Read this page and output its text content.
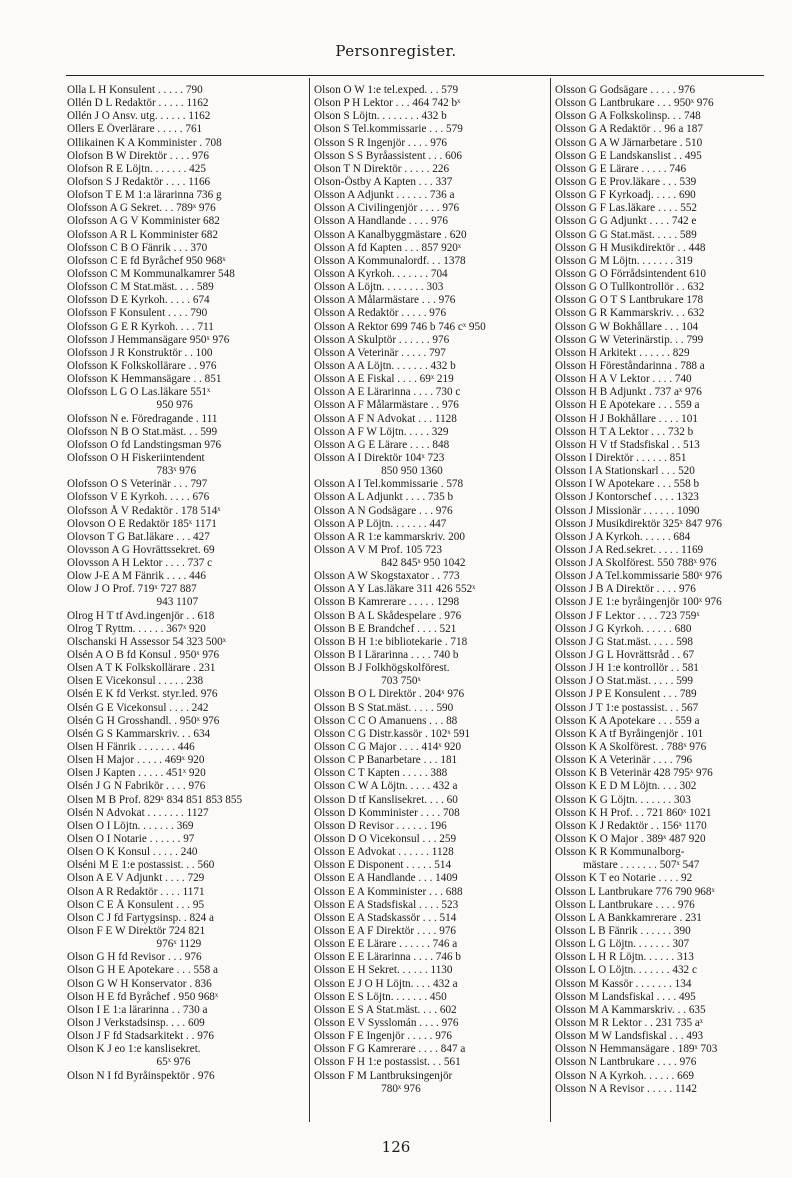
Personregister.
Olla L H Konsulent . . . . . 790
Ollén D L Redaktör . . . . . 1162
Ollén J O Ansv. utg. . . . . . 1162
Ollers E Överlärare . . . . . 761
Ollikainen K A Komminister . 708
Olofson B W Direktör . . . . 976
Olofson R E Löjtn. . . . . . . 425
Olofson S J Redaktör . . . . 1166
Olofson T E M 1:a lärarinna 736 g
Olofsson A G Sekret. . . 789ˣ 976
Olofsson A G V Komminister 682
Olofsson A R L Komminister 682
Olofsson C B O Fänrik . . . 370
Olofsson C E fd Byråchef 950 968ˣ
Olofsson C M Kommunalkamrer 548
Olofsson C M Stat.mäst. . . . 589
Olofsson D E Kyrkoh. . . . . 674
Olofsson F Konsulent . . . . 790
Olofsson G E R Kyrkoh. . . . 711
Olofsson J Hemmansägare 950ˣ 976
Olofsson J R Konstruktör . . 100
Olofsson K Folkskollärare . . 976
Olofsson K Hemmansägare . . 851
Olofsson L G O Las.läkare 551ˣ
950 976
Olofsson N e. Föredragande . 111
Olofsson N B O Stat.mäst. . . 599
Olofsson O fd Landstingsman 976
Olofsson O H Fiskeriintendent
783ˣ 976
Olofsson O S Veterinär . . . 797
Olofsson V E Kyrkoh. . . . . 676
Olofsson Å V Redaktör . 178 514ˣ
Olovson O E Redaktör 185ˣ 1171
Olovson T G Bat.läkare . . . 427
Olovsson A G Hovrättssekret. 69
Olovsson A H Lektor . . . . 737 c
Olow J-E A M Fänrik . . . . 446
Olow J O Prof. 719ˣ 727 887
943 1107
Olrog H T tf Avd.ingenjör . . 618
Olrog T Ryttm. . . . . . 367ˣ 920
Olschanski H Assessor 54 323 500ˣ
Olsén A O B fd Konsul . 950ˣ 976
Olsen A T K Folkskollärare . 231
Olsen E Vicekonsul . . . . . 238
Olsén E K fd Verkst. styr.led. 976
Olsén G E Vicekonsul . . . . 242
Olsén G H Grosshandl. . 950ˣ 976
Olsén G S Kammarskriv. . . 634
Olsen H Fänrik . . . . . . . 446
Olsen H Major . . . . . 469ˣ 920
Olsen J Kapten . . . . . 451ˣ 920
Olsén J G N Fabrikör . . . . 976
Olsen M B Prof. 829ˣ 834 851 853 855
Olsén N Advokat . . . . . . . 1127
Olsen O I Löjtn. . . . . . . 369
Olsen O I Notarie . . . . . . 97
Olsen O K Konsul . . . . . 240
Olséni M E 1:e postassist. . . 560
Olson A E V Adjunkt . . . . 729
Olson A R Redaktör . . . . 1171
Olson C E Å Konsulent . . . 95
Olson C J fd Fartygsinsp. . 824 a
Olson F E W Direktör 724 821
976ˣ 1129
Olson G H fd Revisor . . . 976
Olson G H E Apotekare . . . 558 a
Olson G W H Konservator . 836
Olson H E fd Byråchef . 950 968ˣ
Olson I E 1:a lärarinna . . 730 a
Olson J Verkstadsinsp. . . . 609
Olson J F fd Stadsarkitekt . . 976
Olson K J eo 1:e kanslisekret.
65ˣ 976
Olson N I fd Byråinspektör . 976
Olson O W 1:e tel.exped. . . 579
Olson P H Lektor . . . 464 742 bˣ
Olson S Löjtn. . . . . . . . 432 b
Olson S Tel.kommissarie . . . 579
Olsson S R Ingenjör . . . . 976
Olsson S S Byråassistent . . . 606
Olson T N Direktör . . . . . 226
Olson-Östby A Kapten . . . 337
Olsson A Adjunkt . . . . . . 736 a
Olsson A Civilingenjör . . . . 976
Olsson A Handlande . . . . 976
Olsson A Kanalbyggmästare . 620
Olsson A fd Kapten . . . 857 920ˣ
Olsson A Kommunalordf. . . 1378
Olsson A Kyrkoh. . . . . . . 704
Olsson A Löjtn. . . . . . . . 303
Olsson A Målarmästare . . . 976
Olsson A Redaktör . . . . . 976
Olsson A Rektor 699 746 b 746 cˣ 950
Olsson A Skulptör . . . . . . 976
Olsson A Veterinär . . . . . 797
Olsson A A Löjtn. . . . . . . 432 b
Olsson A E Fiskal . . . . 69ˣ 219
Olsson A E Lärarinna . . . . 730 c
Olsson A F Målarmästare . . 976
Olsson A F N Advokat . . . 1128
Olsson A F W Löjtn. . . . . 329
Olsson A G E Lärare . . . . 848
Olsson A I Direktör 104ˣ 723
850 950 1360
Olsson A I Tel.kommissarie . 578
Olsson A L Adjunkt . . . . 735 b
Olsson A N Godsägare . . . 976
Olsson A P Löjtn. . . . . . . 447
Olsson A R 1:e kammarskriv. 200
Olsson A V M Prof. 105 723
842 845ˣ 950 1042
Olsson A W Skogstaxator . . 773
Olsson A Y Las.läkare 311 426 552ˣ
Olsson B Kamrerare . . . . . 1298
Olsson B A L Skådespelare . 976
Olsson B E Brandchef . . . . 521
Olsson B H 1:e bibliotekarie . 718
Olsson B I Lärarinna . . . . 740 b
Olsson B J Folkhögskolförest.
703 750ˣ
Olsson B O L Direktör . 204ˣ 976
Olsson B S Stat.mäst. . . . . 590
Olsson C C O Amanuens . . . 88
Olsson C G Distr.kassör . 102ˣ 591
Olsson C G Major . . . . 414ˣ 920
Olsson C P Banarbetare . . . 181
Olsson C T Kapten . . . . . 388
Olsson C W A Löjtn. . . . . 432 a
Olsson D tf Kanslisekret. . . . 60
Olsson D Komminister . . . . 708
Olsson D Revisor . . . . . . 196
Olsson D O Vicekonsul . . . 259
Olsson E Advokat . . . . . . 1128
Olsson E Disponent . . . . . 514
Olsson E A Handlande . . . 1409
Olsson E A Komminister . . . 688
Olsson E A Stadsfiskal . . . . 523
Olsson E A Stadskassör . . . 514
Olsson E A F Direktör . . . . 976
Olsson E E Lärare . . . . . . 746 a
Olsson E E Lärarinna . . . . 746 b
Olsson E H Sekret. . . . . . 1130
Olsson E J O H Löjtn. . . . 432 a
Olsson E S Löjtn. . . . . . . 450
Olsson E S A Stat.mäst. . . . 602
Olsson E V Sysslomán . . . . 976
Olsson F E Ingenjör . . . . . 976
Olsson F G Kamrerare . . . . 847 a
Olsson F H 1:e postassist. . . 561
Olsson F M Lantbruksingenjör
780ˣ 976
Olsson G Godsägare . . . . . 976
Olsson G Lantbrukare . . . 950ˣ 976
Olsson G A Folkskolinsp. . . 748
Olsson G A Redaktör . . 96 a 187
Olsson G A W Järnarbetare . 510
Olsson G E Landskanslist . . 495
Olsson G E Lärare . . . . . 746
Olsson G E Prov.läkare . . . 539
Olsson G F Kyrkoadj. . . . . 690
Olsson G F Las.läkare . . . . 552
Olsson G G Adjunkt . . . . 742 e
Olsson G G Stat.mäst. . . . . 589
Olsson G H Musikdirektör . . 448
Olsson G M Löjtn. . . . . . . 319
Olsson G O Förrådsintendent 610
Olsson G O Tullkontrollör . . 632
Olsson G O T S Lantbrukare 178
Olsson G R Kammarskriv. . . 632
Olsson G W Bokhållare . . . 104
Olsson G W Veterinärstip. . . 799
Olsson H Arkitekt . . . . . . 829
Olsson H Föreståndarinna . 788 a
Olsson H A V Lektor . . . . 740
Olsson H B Adjunkt . 737 aˣ 976
Olsson H E Apotekare . . . 559 a
Olsson H J Bokhållare . . . . 101
Olsson H T A Lektor . . . 732 b
Olsson H V tf Stadsfiskal . . 513
Olsson I Direktör . . . . . . 851
Olsson I A Stationskarl . . . 520
Olsson I W Apotekare . . . 558 b
Olsson J Kontorschef . . . . 1323
Olsson J Missionär . . . . . . 1090
Olsson J Musikdirektör 325ˣ 847 976
Olsson J A Kyrkoh. . . . . . 684
Olsson J A Red.sekret. . . . . 1169
Olsson J A Skolförest. 550 788ˣ 976
Olsson J A Tel.kommissarie 580ˣ 976
Olsson J B A Direktör . . . . 976
Olsson J E 1:e byråingenjör 100ˣ 976
Olsson J F Lektor . . . . 723 759ˣ
Olsson J G Kyrkoh. . . . . . 680
Olsson J G Stat.mäst. . . . . 598
Olsson J G L Hovrättsråd . . 67
Olsson J H 1:e kontrollör . . 581
Olsson J O Stat.mäst. . . . . 599
Olsson J P E Konsulent . . . 789
Olsson J T 1:e postassist. . . 567
Olsson K A Apotekare . . . 559 a
Olsson K A tf Byråingenjör . 101
Olsson K A Skolförest. . 788ˣ 976
Olsson K A Veterinär . . . . 796
Olsson K B Veterinär 428 795ˣ 976
Olsson K E D M Löjtn. . . . 302
Olsson K G Löjtn. . . . . . . 303
Olsson K H Prof. . . 721 860ˣ 1021
Olsson K J Redaktör . . 156ˣ 1170
Olsson K O Major . 389ˣ 487 920
Olsson K R Kommunalborg-
mästare . . . . . . . 507ˣ 547
Olsson K T eo Notarie . . . . 92
Olsson L Lantbrukare 776 790 968ˣ
Olsson L Lantbrukare . . . . 976
Olsson L A Bankkamrerare . 231
Olsson L B Fänrik . . . . . . 390
Olsson L G Löjtn. . . . . . . 307
Olsson L H R Löjtn. . . . . . 313
Olsson L O Löjtn. . . . . . . 432 c
Olsson M Kassör . . . . . . . 134
Olsson M Landsfiskal . . . . 495
Olsson M A Kammarskriv. . . 635
Olsson M R Lektor . . 231 735 aˣ
Olsson M W Landsfiskal . . . 493
Olsson N Hemmansägare . 189ˣ 703
Olsson N Lantbrukare . . . . 976
Olsson N A Kyrkoh. . . . . . 669
Olsson N A Revisor . . . . . 1142
126
